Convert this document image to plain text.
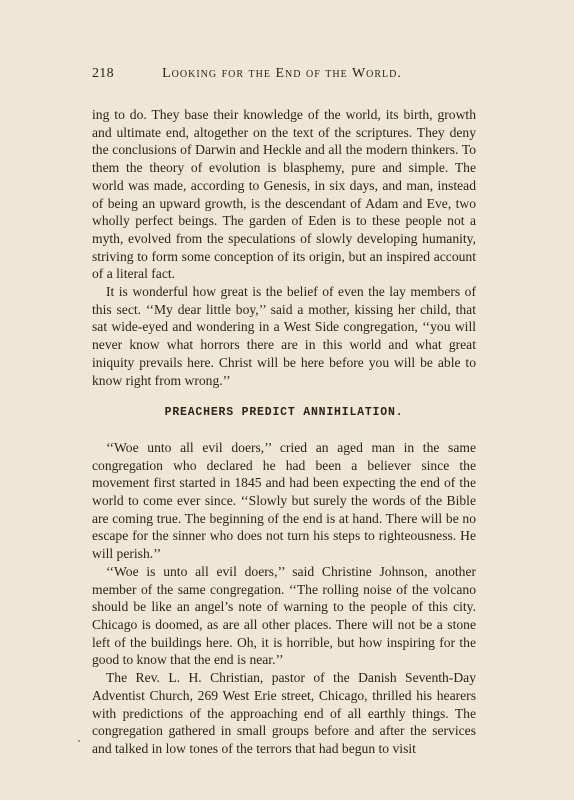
218	Looking for the End of the World.

ing to do. They base their knowledge of the world, its birth, growth and ultimate end, altogether on the text of the scriptures. They deny the conclusions of Darwin and Heckle and all the modern thinkers. To them the theory of evolution is blasphemy, pure and simple. The world was made, according to Genesis, in six days, and man, instead of being an upward growth, is the descendant of Adam and Eve, two wholly perfect beings. The garden of Eden is to these people not a myth, evolved from the speculations of slowly developing humanity, striving to form some conception of its origin, but an inspired account of a literal fact.

It is wonderful how great is the belief of even the lay members of this sect. ‘‘My dear little boy,’’ said a mother, kissing her child, that sat wide-eyed and wondering in a West Side congregation, ‘‘you will never know what horrors there are in this world and what great iniquity prevails here. Christ will be here before you will be able to know right from wrong.’’

PREACHERS PREDICT ANNIHILATION.

‘‘Woe unto all evil doers,’’ cried an aged man in the same congregation who declared he had been a believer since the movement first started in 1845 and had been expecting the end of the world to come ever since. ‘‘Slowly but surely the words of the Bible are coming true. The beginning of the end is at hand. There will be no escape for the sinner who does not turn his steps to righteousness. He will perish.’’

‘‘Woe is unto all evil doers,’’ said Christine Johnson, another member of the same congregation. ‘‘The rolling noise of the volcano should be like an angel’s note of warning to the people of this city. Chicago is doomed, as are all other places. There will not be a stone left of the buildings here. Oh, it is horrible, but how inspiring for the good to know that the end is near.’’

The Rev. L. H. Christian, pastor of the Danish Seventh-Day Adventist Church, 269 West Erie street, Chicago, thrilled his hearers with predictions of the approaching end of all earthly things. The congregation gathered in small groups before and after the services and talked in low tones of the terrors that had begun to visit
